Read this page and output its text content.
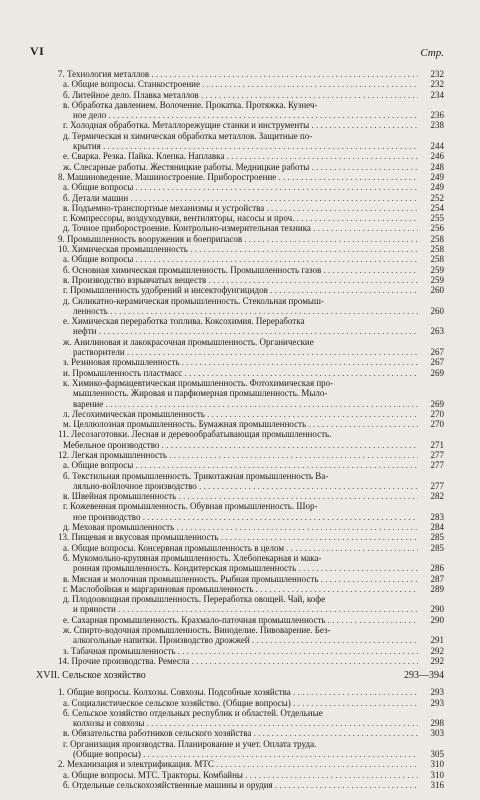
VI	Стр.
7. Технология металлов . . .	232
а. Общие вопросы. Станкостроение . . .	232
б. Литейное дело. Плавка металлов . . .	234
в. Обработка давлением. Волочение. Прокатка. Протяжка. Кузнеч-
ное дело . . .	236
г. Холодная обработка. Металлорежущие станки и инструменты . . .	238
д. Термическая и химическая обработка металлов. Защитные по-
крытия . . .	244
е. Сварка. Резка. Пайка. Клепка. Наплавка . . .	246
ж. Слесарные работы. Жестяницкие работы. Медницкие работы . . .	248
8. Машиноведение. Машиностроение. Приборостроение . . .	249
а. Общие вопросы . . .	249
б. Детали машин . . .	252
в. Подъемно-транспортные механизмы и устройства . . .	254
г. Компрессоры, воздуходувки, вентиляторы, насосы и проч. . . .	255
д. Точное приборостроение. Контрольно-измерительная техника . . .	256
9. Промышленность вооружения и боеприпасов . . .	258
10. Химическая промышленность . . .	258
а. Общие вопросы . . .	258
б. Основная химическая промышленность. Промышленность газов . . .	259
в. Производство взрывчатых веществ . . .	259
г. Промышленность удобрений и инсектофунгицидов . . .	260
д. Силикатно-керамическая промышленность. Стекольная промыш-
ленность . . .	260
е. Химическая переработка топлива. Коксохимия. Переработка
нефти . . .	263
ж. Анилиновая и лакокрасочная промышленность. Органические
растворители . . .	267
з. Резиновая промышленность . . .	267
и. Промышленность пластмасс . . .	269
к. Химико-фармацевтическая промышленность. Фотохимическая про-
мышленность. Жировая и парфюмерная промышленность. Мыло-
варение . . .	269
л. Лесохимическая промышленность . . .	270
м. Целлюлозная промышленность. Бумажная промышленность . . .	270
11. Лесозаготовки. Лесная и деревообрабатывающая промышленность.
Мебельное производство . . .	271
12. Легкая промышленность . . .	277
а. Общие вопросы . . .	277
б. Текстильная промышленность. Трикотажная промышленность Ва-
ляльно-войлочное производство . . .	277
в. Швейная промышленность . . .	282
г. Кожевенная промышленность. Обувная промышленность. Шор-
ное производство . . .	283
д. Меховая промышленность . . .	284
13. Пищевая и вкусовая промышленность . . .	285
а. Общие вопросы. Консервная промышленность в целом . . .	285
б. Мукомольно-крупяная промышленность. Хлебопекарная и мака-
ронная промышленность. Кондитерская промышленность . . .	286
в. Мясная и молочная промышленность. Рыбная промышленность . . .	287
г. Маслобойная и маргариновая промышленность . . .	289
д. Плодоовощная промышленность. Переработка овощей. Чай, кофе
и пряности . . .	290
е. Сахарная промышленность. Крахмало-паточная промышленность . . .	290
ж. Спирто-водочная промышленность. Виноделие. Пивоварение. Без-
алкогольные напитки. Производство дрожжей . . .	291
з. Табачная промышленность . . .	292
14. Прочие производства. Ремесла . . .	292
XVII. Сельское хозяйство	293—394
1. Общие вопросы. Колхозы. Совхозы. Подсобные хозяйства . . .	293
а. Социалистическое сельское хозяйство. (Общие вопросы) . . .	293
б. Сельское хозяйство отдельных республик и областей. Отдельные
колхозы и совхозы . . .	298
в. Обязательства работников сельского хозяйства . . .	303
г. Организация производства. Планирование и учет. Оплата труда.
(Общие вопросы) . . .	305
2. Механизация и электрификация. МТС . . .	310
а. Общие вопросы. МТС. Тракторы. Комбайны . . .	310
б. Отдельные сельскохозяйственные машины и орудия . . .	316
